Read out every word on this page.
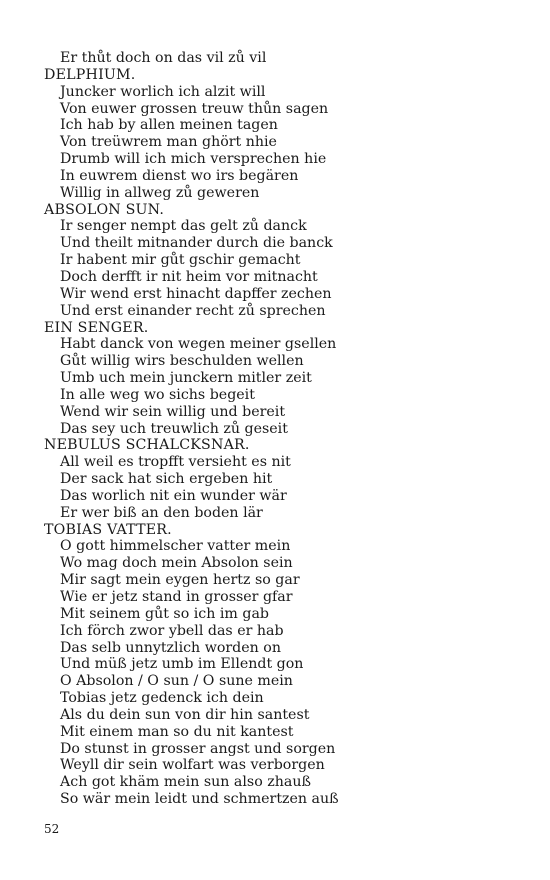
Er thůt doch on das vil zů vil
DELPHIUM.
Juncker worlich ich alzit will
Von euwer grossen treuw thůn sagen
Ich hab by allen meinen tagen
Von treüwrem man ghört nhie
Drumb will ich mich versprechen hie
In euwrem dienst wo irs begären
Willig in allweg zů geweren
ABSOLON SUN.
Ir senger nempt das gelt zů danck
Und theilt mitnander durch die banck
Ir habent mir gůt gschir gemacht
Doch derfft ir nit heim vor mitnacht
Wir wend erst hinacht dapffer zechen
Und erst einander recht zů sprechen
EIN SENGER.
Habt danck von wegen meiner gsellen
Gůt willig wirs beschulden wellen
Umb uch mein junckern mitler zeit
In alle weg wo sichs begeit
Wend wir sein willig und bereit
Das sey uch treuwlich zů geseit
NEBULUS SCHALCKSNAR.
All weil es tropfft versieht es nit
Der sack hat sich ergeben hit
Das worlich nit ein wunder wär
Er wer biß an den boden lär
TOBIAS VATTER.
O gott himmelscher vatter mein
Wo mag doch mein Absolon sein
Mir sagt mein eygen hertz so gar
Wie er jetz stand in grosser gfar
Mit seinem gůt so ich im gab
Ich förch zwor ybell das er hab
Das selb unnytzlich worden on
Und müß jetz umb im Ellendt gon
O Absolon / O sun / O sune mein
Tobias jetz gedenck ich dein
Als du dein sun von dir hin santest
Mit einem man so du nit kantest
Do stunst in grosser angst und sorgen
Weyll dir sein wolfart was verborgen
Ach got khäm mein sun also zhauß
So wär mein leidt und schmertzen auß
52
